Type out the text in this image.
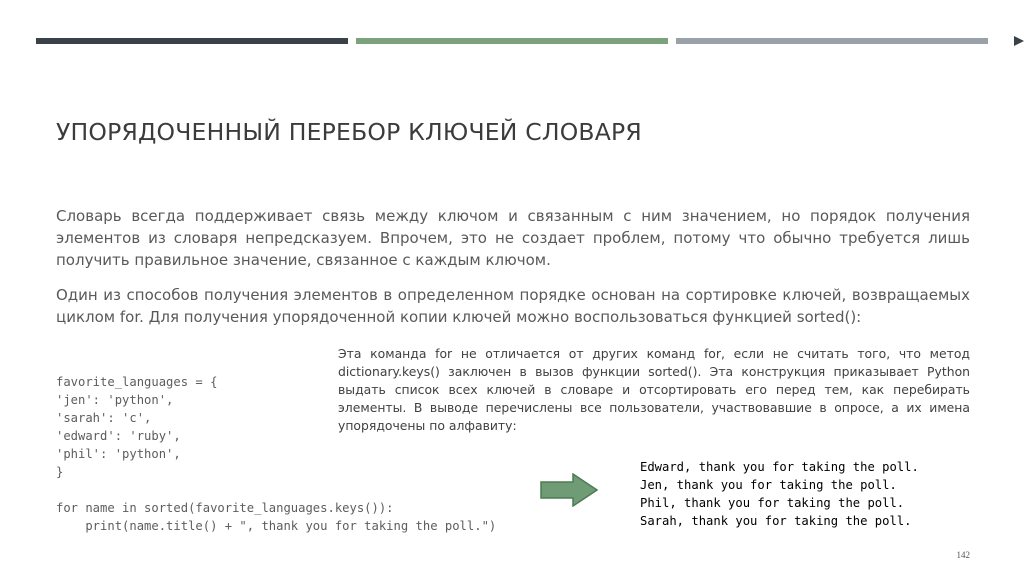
УПОРЯДОЧЕННЫЙ ПЕРЕБОР КЛЮЧЕЙ СЛОВАРЯ

Словарь всегда поддерживает связь между ключом и связанным с ним значением, но порядок получения элементов из словаря непредсказуем. Впрочем, это не создает проблем, потому что обычно требуется лишь получить правильное значение, связанное с каждым ключом.

Один из способов получения элементов в определенном порядке основан на сортировке ключей, возвращаемых циклом for. Для получения упорядоченной копии ключей можно воспользоваться функцией sorted():

favorite_languages = {
'jen': 'python',
'sarah': 'c',
'edward': 'ruby',
'phil': 'python',
}
for name in sorted(favorite_languages.keys()):
print(name.title() + ", thank you for taking the poll.")

Эта команда for не отличается от других команд for, если не считать того, что метод dictionary.keys() заключен в вызов функции sorted(). Эта конструкция приказывает Python выдать список всех ключей в словаре и отсортировать его перед тем, как перебирать элементы. В выводе перечислены все пользователи, участвовавшие в опросе, а их имена упорядочены по алфавиту:

Edward, thank you for taking the poll.
Jen, thank you for taking the poll.
Phil, thank you for taking the poll.
Sarah, thank you for taking the poll.
142
